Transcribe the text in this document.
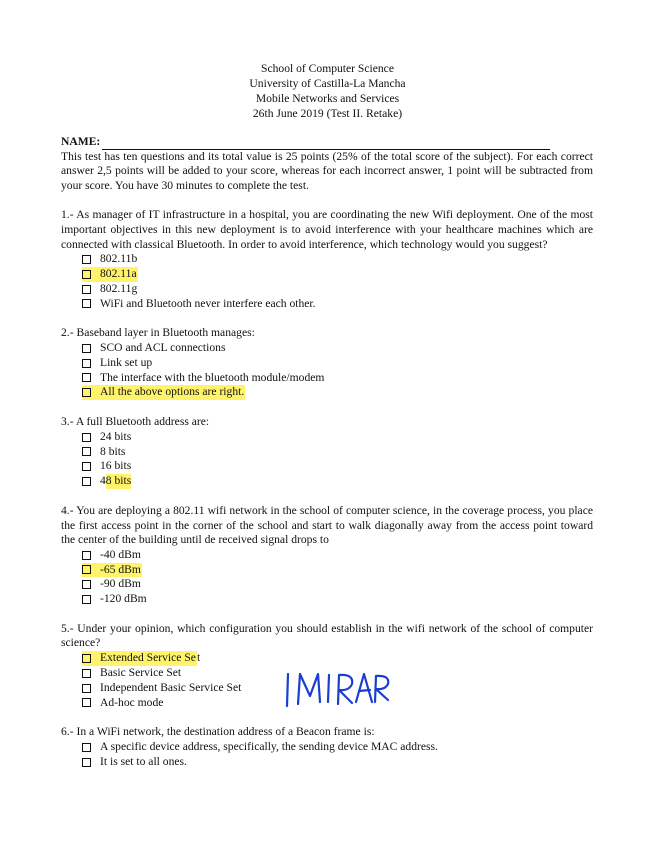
School of Computer Science
University of Castilla-La Mancha
Mobile Networks and Services
26th June 2019 (Test II. Retake)
NAME:
This test has ten questions and its total value is 25 points (25% of the total score of the subject). For each correct answer 2,5 points will be added to your score, whereas for each incorrect answer, 1 point will be subtracted from your score. You have 30 minutes to complete the test.
1.- As manager of IT infrastructure in a hospital, you are coordinating the new Wifi deployment. One of the most important objectives in this new deployment is to avoid interference with your healthcare machines which are connected with classical Bluetooth. In order to avoid interference, which technology would you suggest?
802.11b
802.11a
802.11g
WiFi and Bluetooth never interfere each other.
2.- Baseband layer in Bluetooth manages:
SCO and ACL connections
Link set up
The interface with the bluetooth module/modem
All the above options are right.
3.- A full Bluetooth address are:
24 bits
8 bits
16 bits
4 8 bits
4.- You are deploying a 802.11 wifi network in the school of computer science, in the coverage process, you place the first access point in the corner of the school and start to walk diagonally away from the access point toward the center of the building until de received signal drops to
-40 dBm
-65 dBm
-90 dBm
-120 dBm
5.- Under your opinion, which configuration you should establish in the wifi network of the school of computer science?
Extended Service Se t
Basic Service Set
Independent Basic Service Set
Ad-hoc mode
6.- In a WiFi network, the destination address of a Beacon frame is:
A specific device address, specifically, the sending device MAC address.
It is set to all ones.
